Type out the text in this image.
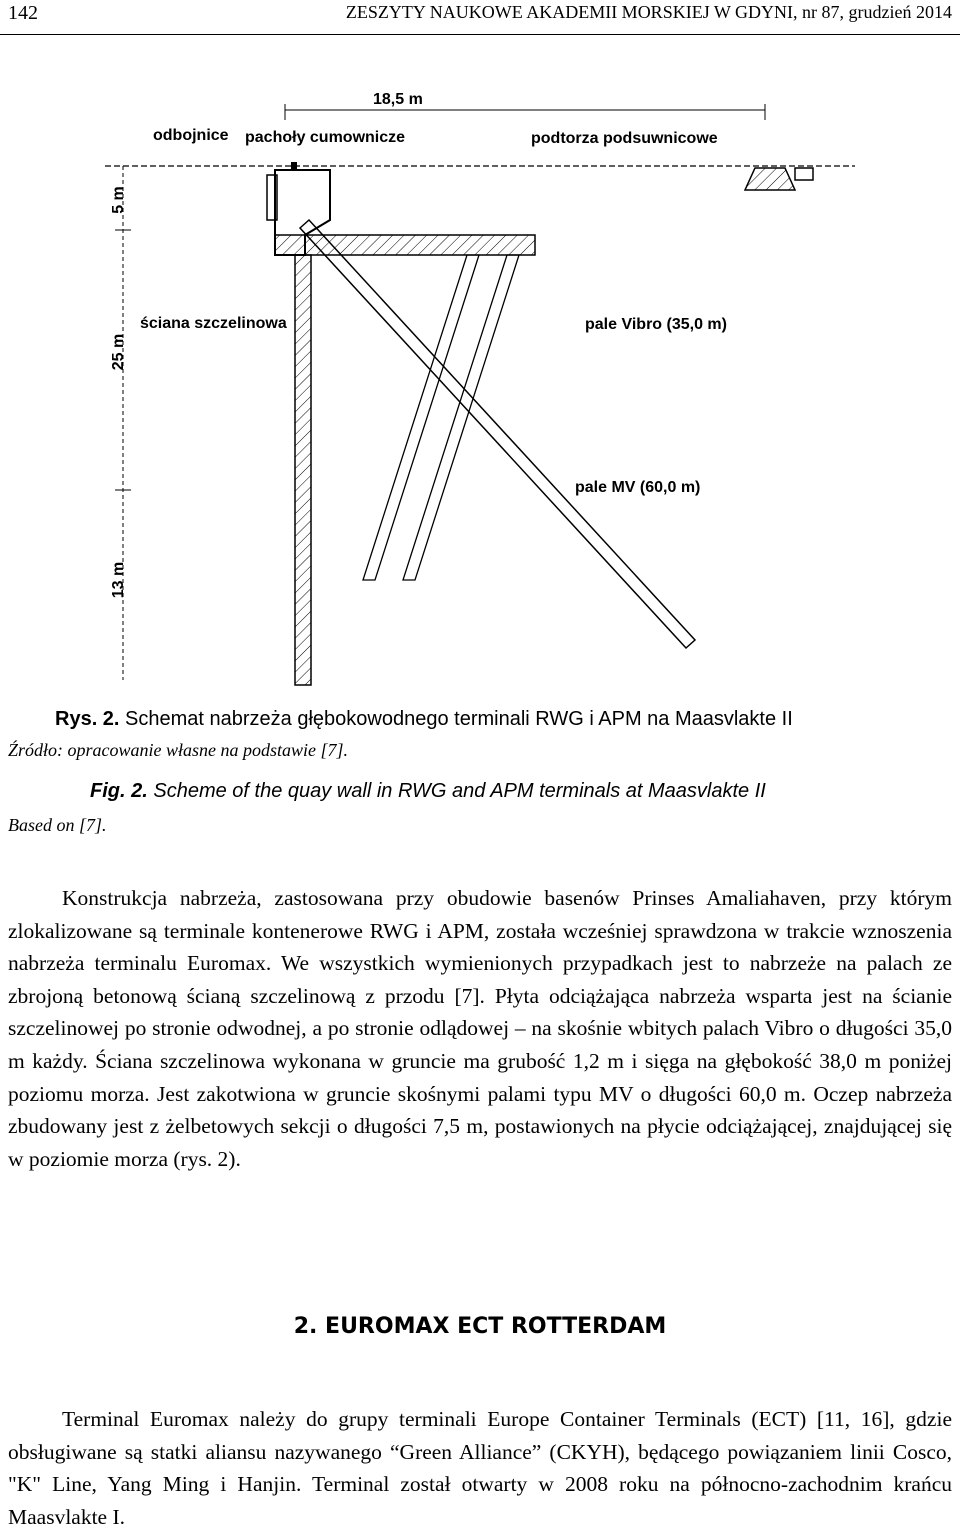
142	ZESZYTY NAUKOWE AKADEMII MORSKIEJ W GDYNI, nr 87, grudzień 2014
18,5 m
odbojnice pachoły cumownicze	podtorza podsuwnicowe
5 m
25 m
13 m
ściana szczelinowa	pale Vibro (35,0 m)
pale MV (60,0 m)
Rys. 2. Schemat nabrzeża głębokowodnego terminali RWG i APM na Maasvlakte II
Źródło: opracowanie własne na podstawie [7].
Fig. 2. Scheme of the quay wall in RWG and APM terminals at Maasvlakte II
Based on [7].

Konstrukcja nabrzeża, zastosowana przy obudowie basenów Prinses Amaliahaven, przy którym zlokalizowane są terminale kontenerowe RWG i APM, została wcześniej sprawdzona w trakcie wznoszenia nabrzeża terminalu Euromax. We wszystkich wymienionych przypadkach jest to nabrzeże na palach ze zbrojoną betonową ścianą szczelinową z przodu [7]. Płyta odciążająca nabrzeża wsparta jest na ścianie szczelinowej po stronie odwodnej, a po stronie odlądowej – na skośnie wbitych palach Vibro o długości 35,0 m każdy. Ściana szczelinowa wykonana w gruncie ma grubość 1,2 m i sięga na głębokość 38,0 m poniżej poziomu morza. Jest zakotwiona w gruncie skośnymi palami typu MV o długości 60,0 m. Oczep nabrzeża zbudowany jest z żelbetowych sekcji o długości 7,5 m, postawionych na płycie odciążającej, znajdującej się w poziomie morza (rys. 2).

2. EUROMAX ECT ROTTERDAM

Terminal Euromax należy do grupy terminali Europe Container Terminals (ECT) [11, 16], gdzie obsługiwane są statki aliansu nazywanego “Green Alliance” (CKYH), będącego powiązaniem linii Cosco, "K" Line, Yang Ming i Hanjin. Terminal został otwarty w 2008 roku na północno-zachodnim krańcu Maasvlakte I.
